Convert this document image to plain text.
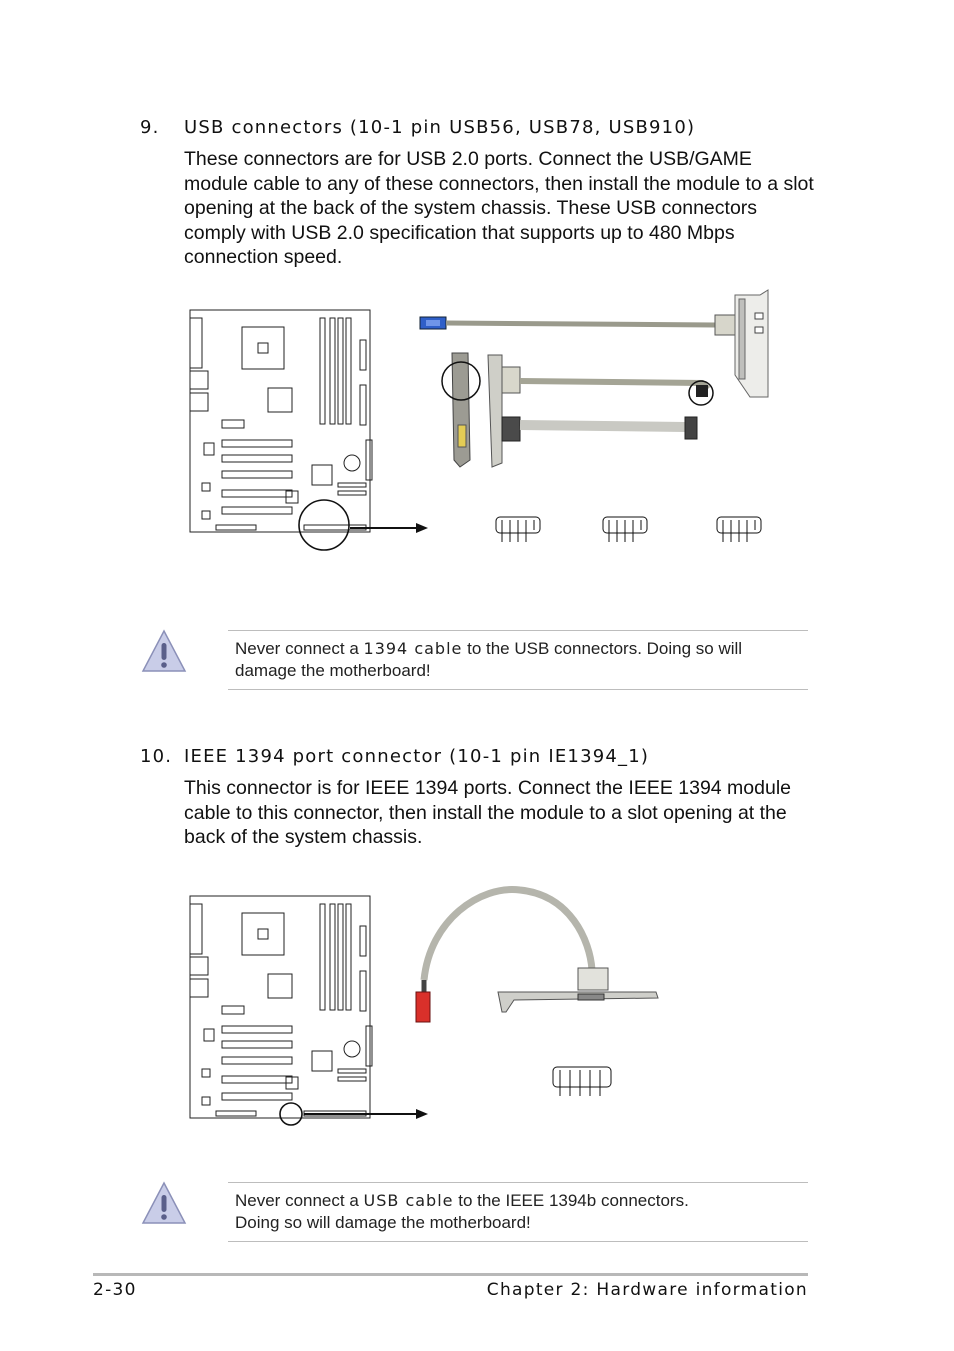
9. USB connectors (10-1 pin USB56, USB78, USB910)

These connectors are for USB 2.0 ports. Connect the USB/GAME module cable to any of these connectors, then install the module to a slot opening at the back of the system chassis. These USB connectors comply with USB 2.0 specification that supports up to 480 Mbps connection speed.

Never connect a 1394 cable to the USB connectors. Doing so will damage the motherboard!
10. IEEE 1394 port connector (10-1 pin IE1394_1)

This connector is for IEEE 1394 ports. Connect the IEEE 1394 module cable to this connector, then install the module to a slot opening at the back of the system chassis.

Never connect a USB cable to the IEEE 1394b connectors.
Doing so will damage the motherboard!
2-30	Chapter 2: Hardware information
